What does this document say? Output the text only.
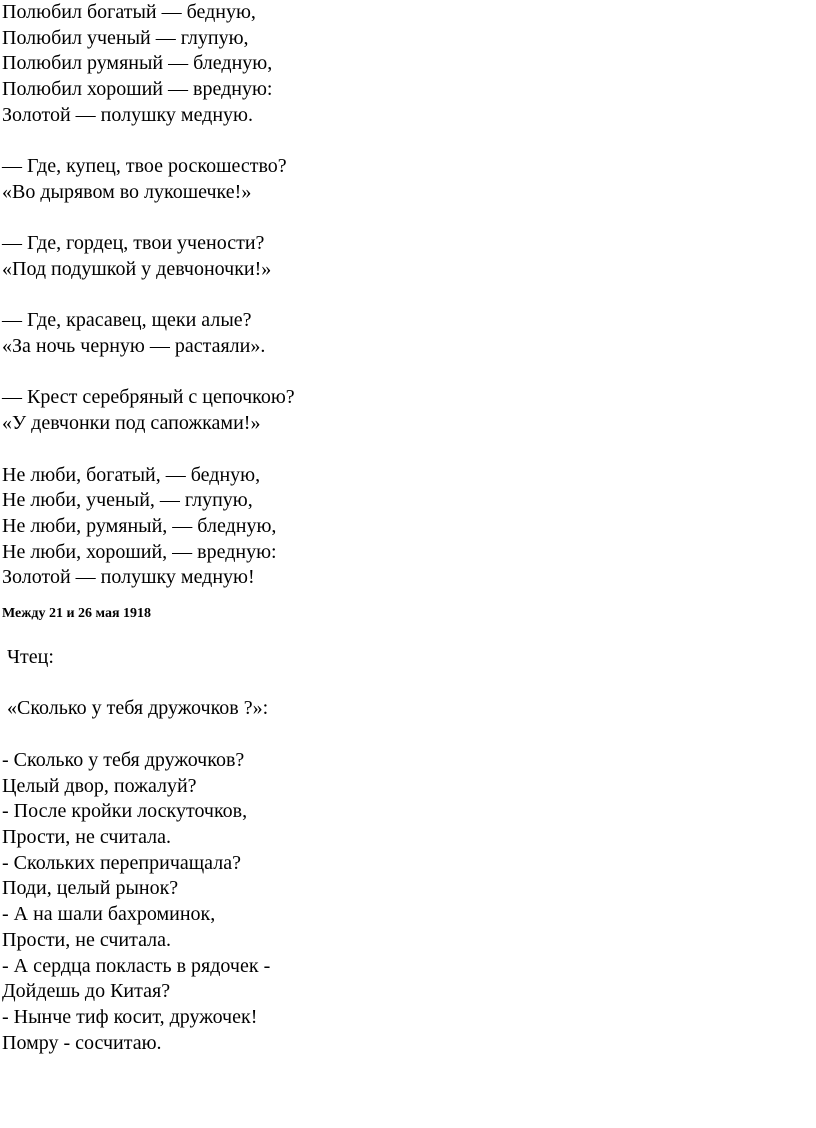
Полюбил богатый — бедную,
Полюбил ученый — глупую,
Полюбил румяный — бледную,
Полюбил хороший — вредную:
Золотой — полушку медную.
— Где, купец, твое роскошество?
«Во дырявом во лукошечке!»
— Где, гордец, твои учености?
«Под подушкой у девчоночки!»
— Где, красавец, щеки алые?
«За ночь черную — растаяли».
— Крест серебряный с цепочкою?
«У девчонки под сапожками!»
Не люби, богатый, — бедную,
Не люби, ученый, — глупую,
Не люби, румяный, — бледную,
Не люби, хороший, — вредную:
Золотой — полушку медную!
Между 21 и 26 мая 1918
Чтец:
«Сколько у тебя дружочков ?»:
- Сколько у тебя дружочков?
Целый двор, пожалуй?
- После кройки лоскуточков,
Прости, не считала.
- Скольких перепричащала?
Поди, целый рынок?
- А на шали бахроминок,
Прости, не считала.
- А сердца покласть в рядочек -
Дойдешь до Китая?
- Нынче тиф косит, дружочек!
Помру - сосчитаю.
